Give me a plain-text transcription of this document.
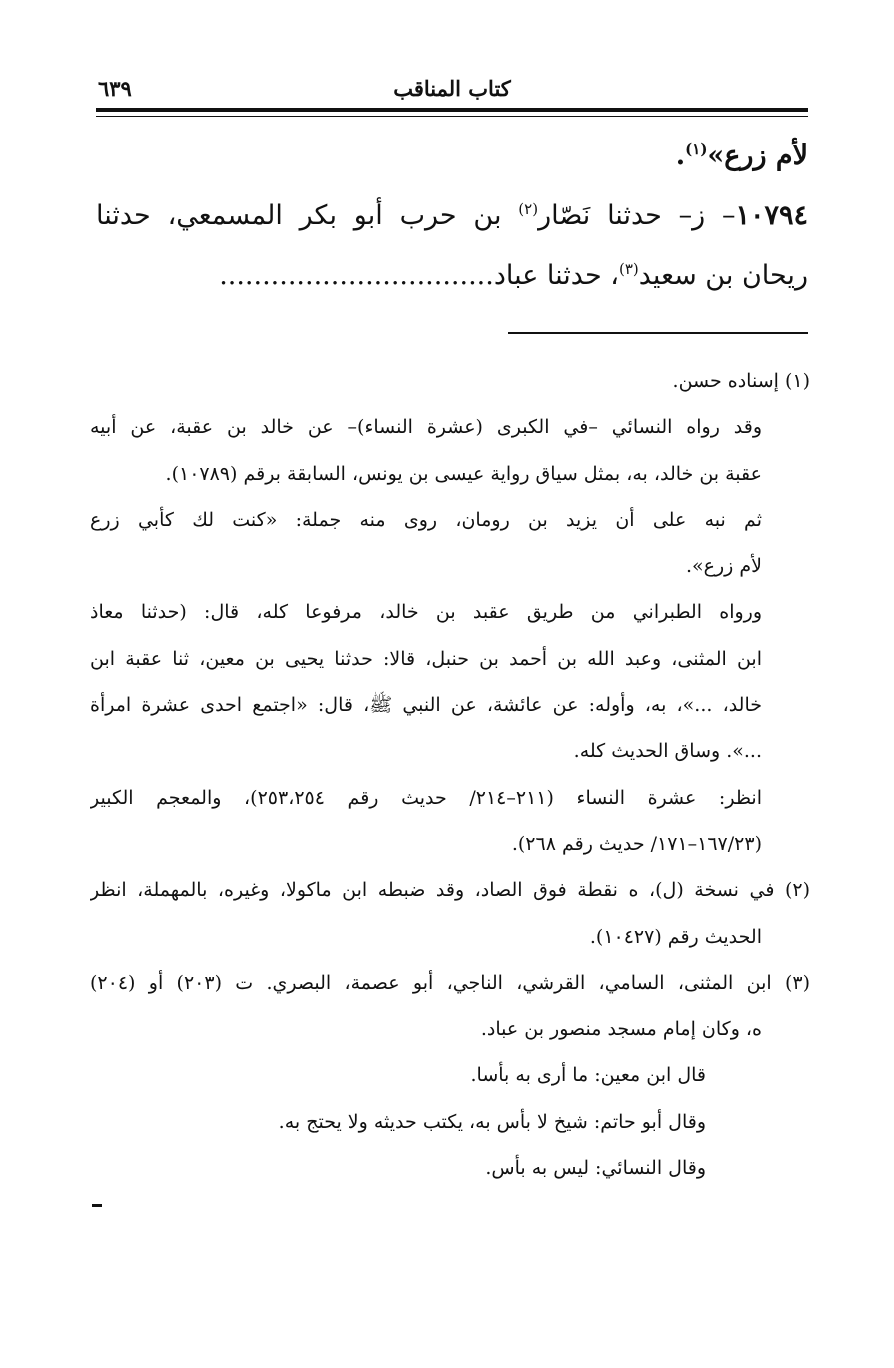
كتاب المناقب
٦٣٩

لأم زرع»$^{(١)}$.

١٠٧٩٤– ز– حدثنا نَصّار$^{(٢)}$ بن حرب أبو بكر المسمعي، حدثنا

ريحان بن سعيد$^{(٣)}$، حدثنا عباد................................

(١) إسناده حسن.

وقد رواه النسائي –في الكبرى (عشرة النساء)– عن خالد بن عقبة، عن أبيه

عقبة بن خالد، به، بمثل سياق رواية عيسى بن يونس، السابقة برقم (١٠٧٨٩).

ثم نبه على أن يزيد بن رومان، روى منه جملة: «كنت لك كأبي زرع

لأم زرع».

ورواه الطبراني من طريق عقبد بن خالد، مرفوعا كله، قال: (حدثنا معاذ

ابن المثنى، وعبد الله بن أحمد بن حنبل، قالا: حدثنا يحيى بن معين، ثنا عقبة ابن

خالد، ...»، به، وأوله: عن عائشة، عن النبي ﷺ، قال: «اجتمع احدى عشرة امرأة

...». وساق الحديث كله.

انظر: عشرة النساء (٢١١–٢١٤/ حديث رقم ٢٥٣،٢٥٤)، والمعجم الكبير

(١٦٧/٢٣–١٧١/ حديث رقم ٢٦٨).

(٢) في نسخة (ل)، ه نقطة فوق الصاد، وقد ضبطه ابن ماكولا، وغيره، بالمهملة، انظر

الحديث رقم (١٠٤٢٧).

(٣) ابن المثنى، السامي، القرشي، الناجي، أبو عصمة، البصري. ت (٢٠٣) أو (٢٠٤)

ه، وكان إمام مسجد منصور بن عباد.

قال ابن معين: ما أرى به بأسا.

وقال أبو حاتم: شيخ لا بأس به، يكتب حديثه ولا يحتج به.

وقال النسائي: ليس به بأس.
